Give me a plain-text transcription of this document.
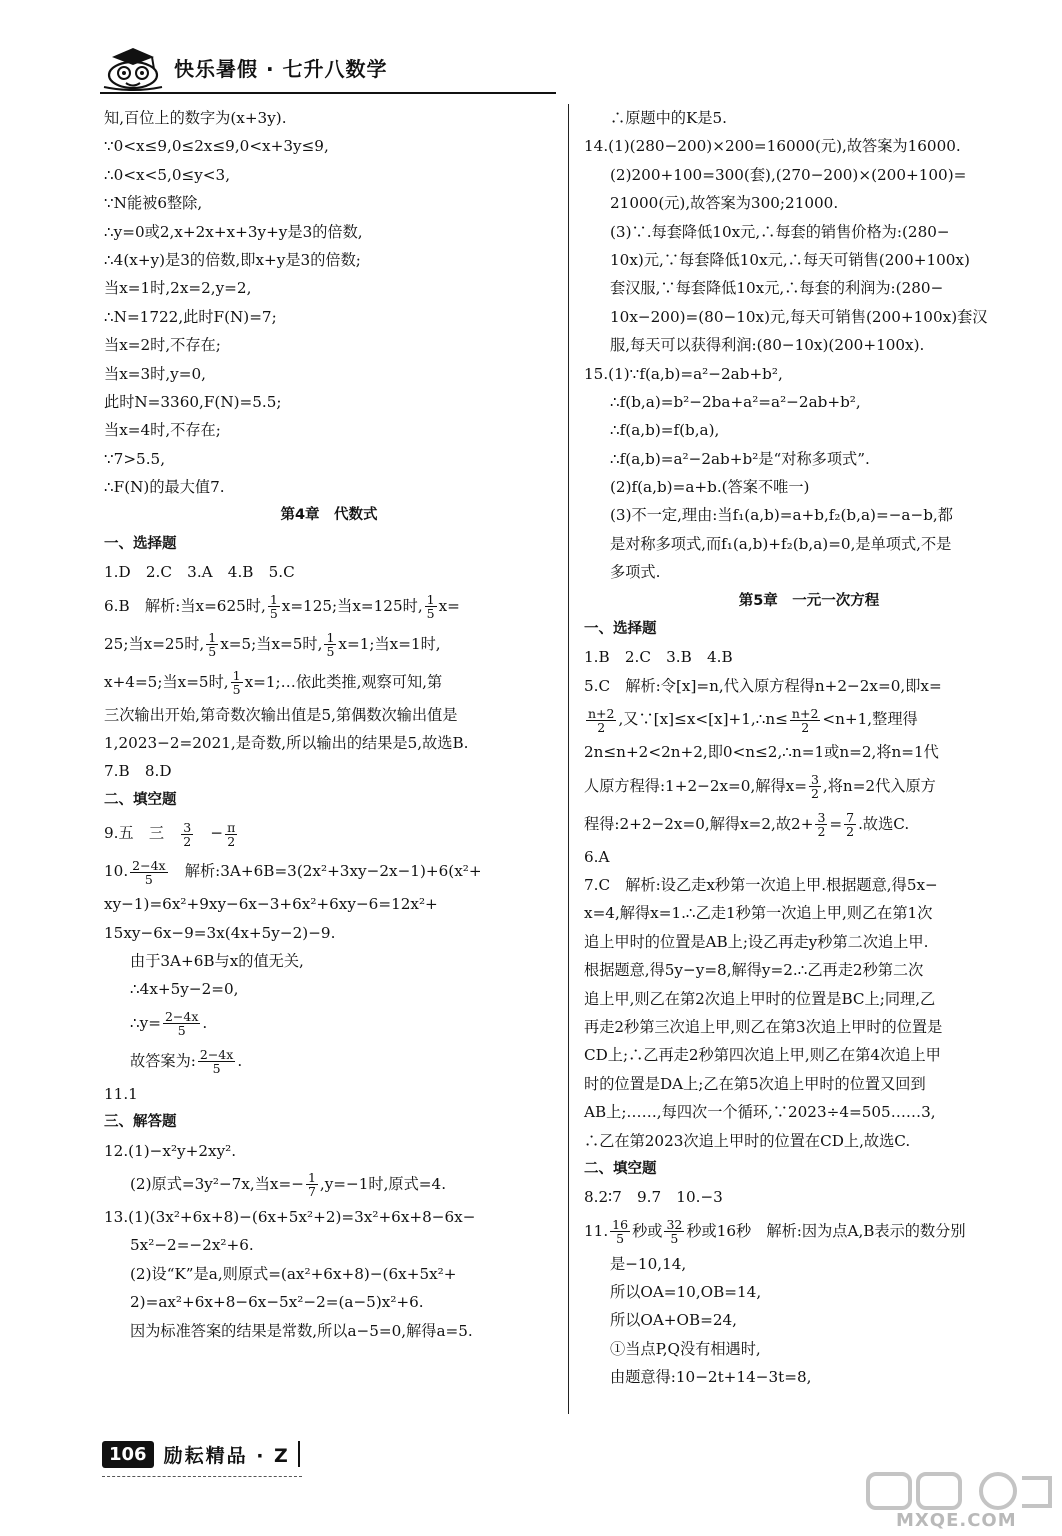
快乐暑假 · 七升八数学
知,百位上的数字为(x+3y).
∵0<x≤9,0≤2x≤9,0<x+3y≤9,
∴0<x<5,0≤y<3,
∵N能被6整除,
∴y=0或2,x+2x+x+3y+y是3的倍数,
∴4(x+y)是3的倍数,即x+y是3的倍数;
当x=1时,2x=2,y=2,
∴N=1722,此时F(N)=7;
当x=2时,不存在;
当x=3时,y=0,
此时N=3360,F(N)=5.5;
当x=4时,不存在;
∵7>5.5,
∴F(N)的最大值7.
第4章　代数式
一、选择题
1.D　2.C　3.A　4.B　5.C
6.B　解析:当x=625时, $\frac{1}{5} x=125$;当x=125时, $\frac{1}{5} x=$
25;当x=25时, $\frac{1}{5} x=5$;当x=5时, $\frac{1}{5} x=1$;当x=1时,
x+4=5;当x=5时, $\frac{1}{5}$ x=1;…依此类推,观察可知,第
三次输出开始,第奇数次输出值是5,第偶数次输出值是
1,2023−2=2021,是奇数,所以输出的结果是5,故选B.
7.B　8.D
二、填空题
9.五　三　 $\frac{3}{2}$ 　− $\frac{\pi}{2}$
10. $\frac{2-4x}{5}$ 　解析:3A+6B=3(2x²+3xy−2x−1)+6(x²+
xy−1)=6x²+9xy−6x−3+6x²+6xy−6=12x²+
15xy−6x−9=3x(4x+5y−2)−9.
由于3A+6B与x的值无关,
∴4x+5y−2=0,
∴y= $\frac{2-4x}{5}$ .
故答案为: $\frac{2-4x}{5}$ .
11.1
三、解答题
12.(1)−x²y+2xy².
(2)原式=3y²−7x,当$x=- \frac{1}{7} ,y=-1$时,原式=4.
13.(1)(3x²+6x+8)−(6x+5x²+2)=3x²+6x+8−6x−
5x²−2=−2x²+6.
(2)设“K”是a,则原式=(ax²+6x+8)−(6x+5x²+
2)=ax²+6x+8−6x−5x²−2=(a−5)x²+6.
因为标准答案的结果是常数,所以a−5=0,解得a=5.
∴原题中的K是5.
14.(1)(280−200)×200=16000(元),故答案为16000.
(2)200+100=300(套),(270−200)×(200+100)=
21000(元),故答案为300;21000.
(3)∵.每套降低10x元,∴每套的销售价格为:(280−
10x)元,∵每套降低10x元,∴每天可销售(200+100x)
套汉服,∵每套降低10x元,∴每套的利润为:(280−
10x−200)=(80−10x)元,每天可销售(200+100x)套汉
服,每天可以获得利润:(80−10x)(200+100x).
15.(1)∵f(a,b)=a²−2ab+b²,
∴f(b,a)=b²−2ba+a²=a²−2ab+b²,
∴f(a,b)=f(b,a),
∴f(a,b)=a²−2ab+b²是“对称多项式”.
(2)f(a,b)=a+b.(答案不唯一)
(3)不一定,理由:当f₁(a,b)=a+b,f₂(b,a)=−a−b,都
是对称多项式,而f₁(a,b)+f₂(b,a)=0,是单项式,不是
多项式.
第5章　一元一次方程
一、选择题
1.B　2.C　3.B　4.B
5.C　解析:令[x]=n,代入原方程得n+2−2x=0,即x=
$\frac{n+2}{2}$ ,又∵[x]≤x<[x]+1,∴n≤ $\frac{n+2}{2} <n+1$,整理得
2n≤n+2<2n+2,即0<n≤2,∴n=1或n=2,将n=1代
人原方程得:1+2−2x=0,解得$x= \frac{3}{2}$ ,将n=2代入原方
程得:2+2−2x=0,解得x=2,故$2+ \frac{3}{2} = \frac{7}{2}$ .故选C.
6.A
7.C　解析:设乙走x秒第一次追上甲.根据题意,得5x−
x=4,解得x=1.∴乙走1秒第一次追上甲,则乙在第1次
追上甲时的位置是AB上;设乙再走y秒第二次追上甲.
根据题意,得5y−y=8,解得y=2.∴乙再走2秒第二次
追上甲,则乙在第2次追上甲时的位置是BC上;同理,乙
再走2秒第三次追上甲,则乙在第3次追上甲时的位置是
CD上;∴乙再走2秒第四次追上甲,则乙在第4次追上甲
时的位置是DA上;乙在第5次追上甲时的位置又回到
AB上;……,每四次一个循环,∵2023÷4=505……3,
∴乙在第2023次追上甲时的位置在CD上,故选C.
二、填空题
8.2∶7　9.7　10.−3
11. $\frac{16}{5}$ 秒或 $\frac{32}{5}$ 秒或16秒　解析:因为点A,B表示的数分别
是−10,14,
所以OA=10,OB=14,
所以OA+OB=24,
①当点P,Q没有相遇时,
由题意得:10−2t+14−3t=8,
106 励耘精品 · Z
MXQE.COM
